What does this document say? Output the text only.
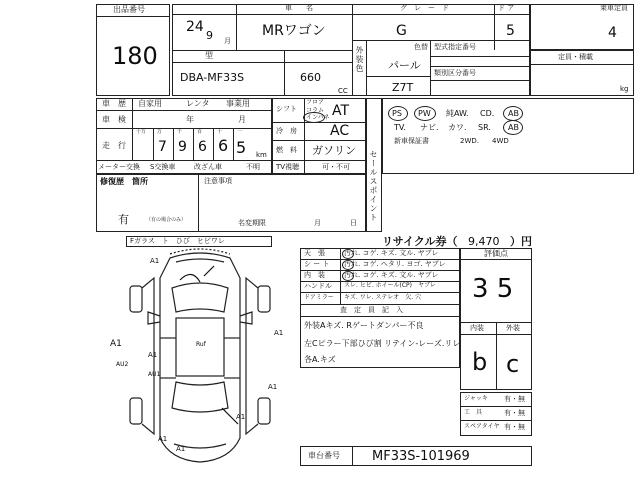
出品番号
180
車　　名	グ　レ　ー　ド	ド ア	乗車定員
24
9 月
MRワゴン	G	5	4
型
DBA-MF33S	660
CC
外装色	色替
パール
Z7T
型式指定番号
類別区分番号
定員・積載
kg
車　歴 自家用	レンタ 事業用
車　検	年	月
走　行
十万 万	千	百	十	一
7 9 6 6 5 km
メーター交換 S交換車	改ざん車	不明
シフト
フロア
コラム
インパネ AT
冷　房 AC
燃　料 ガソリン
TV視聴	可・不可 セールスポイント
PS PW 純AW. CD. AB
TV. ナビ. カワ. SR. AB
新車保証書	2WD. 4WD
修復歴　箇所
有	（有の場合のみ）
注意事項
名変期限	月	日
Fガラス　ト　ひび　ヒビワレ
A1
A1
A1
AU2
AU1
A1
A1
A1
A1
A1
Ruf
リサイクル券（ 9,470 ）円
天　張	汚れ. コゲ. キズ. 文ル. ヤブレ
シ ー ト 汚れ. コゲ. ヘタリ. ヨゴ. ヤブレ
内　装	汚れ. コゲ. キズ. 文ル. ヤブレ
ハンドル スレ. ヒビ. ホイール(CP)　ヤブレ
ドアミラー キズ. ワレ. ステレオ　欠. 穴
査　定　員　記　入
外装Aキズ. Rゲートダンパー不良
左Cピラー下部ひび割 リテイン-レーズ.リレ
各A.キズ
評価点
3 5
内装	外装
b c
ジャッキ 有・無
工　具	有・無
スペアタイヤ 有・無
車台番号 MF33S-101969
